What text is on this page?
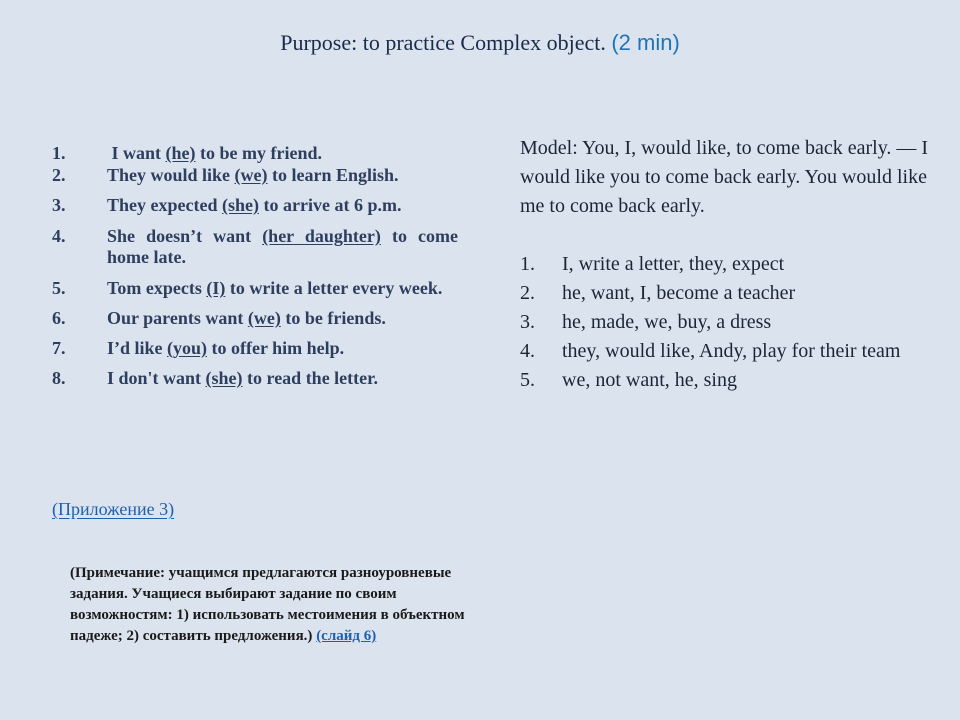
Purpose: to practice Complex object. (2 min)
1.	I want (he) to be my friend.
2.	They would like (we) to learn English.
3.	They expected (she) to arrive at 6 p.m.
4.	She doesn’t want (her daughter) to come home late.
5.	Tom expects (I) to write a letter every week.
6.	Our parents want (we) to be friends.
7.	I’d like (you) to offer him help.
8.	I don't want (she) to read the letter.
(Приложение 3)
(Примечание: учащимся предлагаются разноуровневые задания. Учащиеся выбирают задание по своим возможностям: 1) использовать местоимения в объектном падеже; 2) составить предложения.) (слайд 6)

Model: You, I, would like, to come back early. — I would like you to come back early. You would like me to come back early.

1. I, write a letter, they, expect
2. he, want, I, become a teacher
3. he, made, we, buy, a dress
4. they, would like, Andy, play for their team
5. we, not want, he, sing
